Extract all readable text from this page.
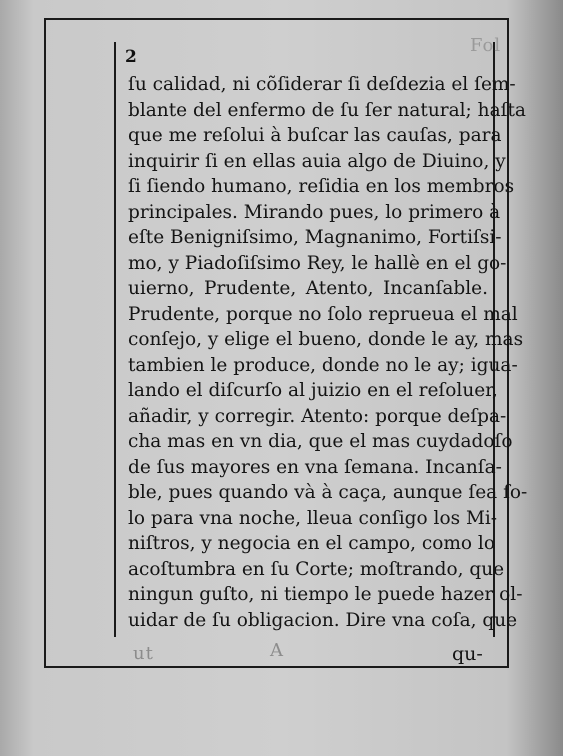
Fol
ut	A
2
ſu calidad, ni cõſiderar ſi deſdezia el ſem-
blante del enfermo de ſu ſer natural; haſta
que me reſolui à buſcar las cauſas, para
inquirir ſi en ellas auia algo de Diuino, y
ſi ſiendo humano, reſidia en los membros
principales. Mirando pues, lo primero à
eſte Benigniſsimo, Magnanimo, Fortiſsi-
mo, y Piadoſiſsimo Rey, le hallè en el go-
uierno, Prudente, Atento, Incanſable.
Prudente, porque no ſolo reprueua el mal
conſejo, y elige el bueno, donde le ay, mas
tambien le produce, donde no le ay; igua-
lando el diſcurſo al juizio en el reſoluer,
añadir, y corregir. Atento: porque deſpa-
cha mas en vn dia, que el mas cuydadoſo
de ſus mayores en vna ſemana. Incanſa-
ble, pues quando và à caça, aunque ſea ſo-
lo para vna noche, lleua conſigo los Mi-
niſtros, y negocia en el campo, como lo
acoſtumbra en ſu Corte; moſtrando, que
ningun guſto, ni tiempo le puede hazer ol-
uidar de ſu obligacion. Dire vna coſa, que
qu-
